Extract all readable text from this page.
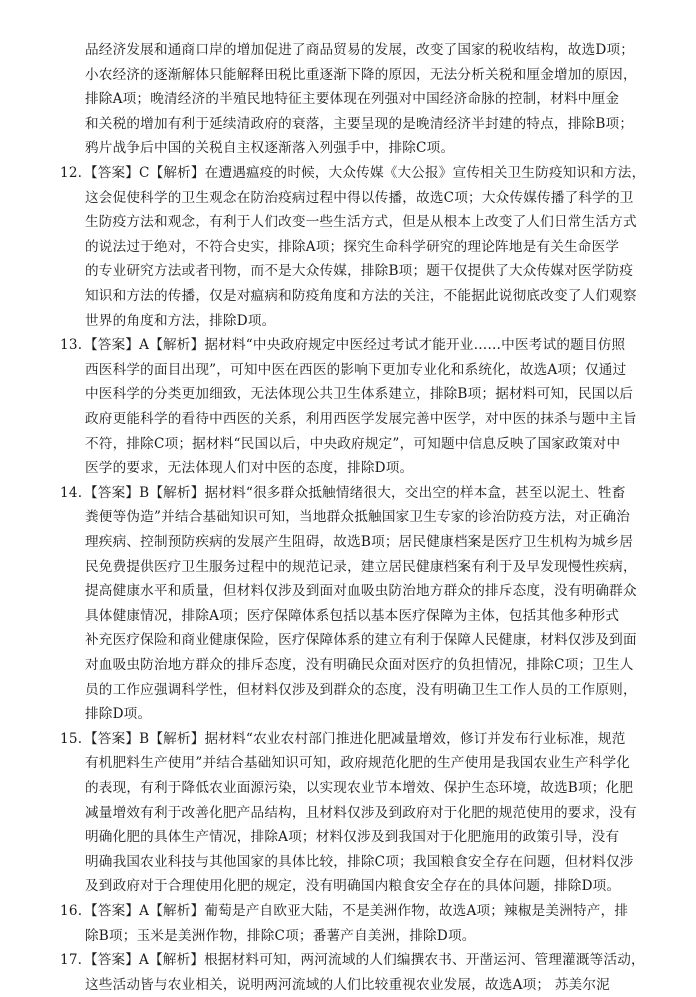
品经济发展和通商口岸的增加促进了商品贸易的发展，改变了国家的税收结构，故选D项；
小农经济的逐渐解体只能解释田税比重逐渐下降的原因，无法分析关税和厘金增加的原因，
排除A项；晚清经济的半殖民地特征主要体现在列强对中国经济命脉的控制，材料中厘金
和关税的增加有利于延续清政府的衰落，主要呈现的是晚清经济半封建的特点，排除B项；
鸦片战争后中国的关税自主权逐渐落入列强手中，排除C项。
12. 【答案】C【解析】在遭遇瘟疫的时候，大众传媒《大公报》宣传相关卫生防疫知识和方法，
这会促使科学的卫生观念在防治疫病过程中得以传播，故选C项；大众传媒传播了科学的卫
生防疫方法和观念，有利于人们改变一些生活方式，但是从根本上改变了人们日常生活方式
的说法过于绝对，不符合史实，排除A项；探究生命科学研究的理论阵地是有关生命医学
的专业研究方法或者刊物，而不是大众传媒，排除B项；题干仅提供了大众传媒对医学防疫
知识和方法的传播，仅是对瘟病和防疫角度和方法的关注，不能据此说彻底改变了人们观察
世界的角度和方法，排除D项。
13. 【答案】A【解析】据材料“中央政府规定中医经过考试才能开业……中医考试的题目仿照
西医科学的面目出现”，可知中医在西医的影响下更加专业化和系统化，故选A项；仅通过
中医科学的分类更加细致，无法体现公共卫生体系建立，排除B项；据材料可知，民国以后
政府更能科学的看待中西医的关系，利用西医学发展完善中医学，对中医的抹杀与题中主旨
不符，排除C项；据材料“民国以后，中央政府规定”，可知题中信息反映了国家政策对中
医学的要求，无法体现人们对中医的态度，排除D项。
14. 【答案】B【解析】据材料“很多群众抵触情绪很大，交出空的样本盒，甚至以泥土、牲畜
粪便等伪造”并结合基础知识可知，当地群众抵触国家卫生专家的诊治防疫方法，对正确治
理疾病、控制预防疾病的发展产生阻碍，故选B项；居民健康档案是医疗卫生机构为城乡居
民免费提供医疗卫生服务过程中的规范记录，建立居民健康档案有利于及早发现慢性疾病，
提高健康水平和质量，但材料仅涉及到面对血吸虫防治地方群众的排斥态度，没有明确群众
具体健康情况，排除A项；医疗保障体系包括以基本医疗保障为主体，包括其他多种形式
补充医疗保险和商业健康保险，医疗保障体系的建立有利于保障人民健康，材料仅涉及到面
对血吸虫防治地方群众的排斥态度，没有明确民众面对医疗的负担情况，排除C项；卫生人
员的工作应强调科学性，但材料仅涉及到群众的态度，没有明确卫生工作人员的工作原则，
排除D项。
15. 【答案】B【解析】据材料“农业农村部门推进化肥减量增效，修订并发布行业标准，规范
有机肥料生产使用”并结合基础知识可知，政府规范化肥的生产使用是我国农业生产科学化
的表现，有利于降低农业面源污染，以实现农业节本增效、保护生态环境，故选B项；化肥
减量增效有利于改善化肥产品结构，且材料仅涉及到政府对于化肥的规范使用的要求，没有
明确化肥的具体生产情况，排除A项；材料仅涉及到我国对于化肥施用的政策引导，没有
明确我国农业科技与其他国家的具体比较，排除C项；我国粮食安全存在问题，但材料仅涉
及到政府对于合理使用化肥的规定，没有明确国内粮食安全存在的具体问题，排除D项。
16. 【答案】A【解析】葡萄是产自欧亚大陆，不是美洲作物，故选A项；辣椒是美洲特产，排
除B项；玉米是美洲作物，排除C项；番薯产自美洲，排除D项。
17. 【答案】A【解析】根据材料可知，两河流域的人们编撰农书、开凿运河、管理灌溉等活动，
这些活动皆与农业相关，说明两河流域的人们比较重视农业发展，故选A项； 苏美尔泥
